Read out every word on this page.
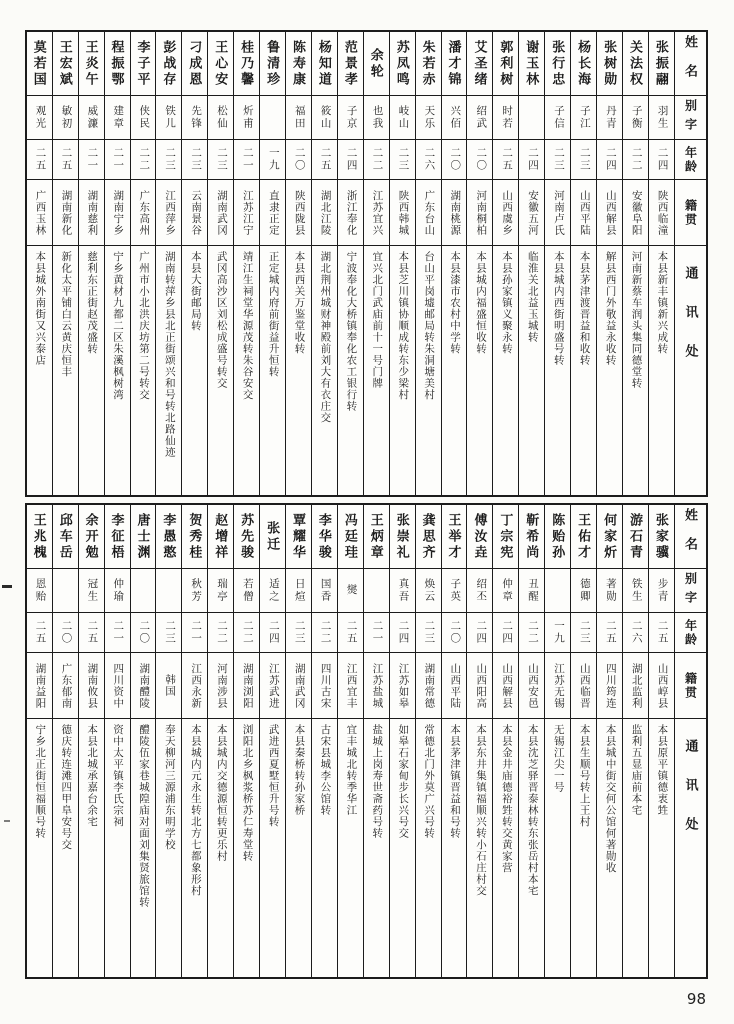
姓名
别字
年龄
籍贯
通讯处
张振翮
羽生
二四
陕西临潼
本县新丰镇新兴成转
关法权
子衡
二二
安徽阜阳
河南新蔡车润头集同德堂转
张树勋
丹青
二四
山西解县
解县西门外敬益永收转
杨长海
子江
二三
山西平陆
本县茅津渡晋益和收转
张行忠
子信
二三
河南卢氏
本县城内西街明盛号转
谢玉林
二四
安徽五河
临淮关北益玉城转
郭利树
时若
二五
山西虞乡
本县孙家镇义聚永转
艾圣绪
绍武
二〇
河南桐柏
本县城内福盛恒收转
潘才锦
兴佰
二〇
湖南桃源
本县漆市农村中学转
朱若赤
天乐
二六
广东台山
台山平岗墟邮局转朱洞塘美村
苏凤鸣
岐山
二三
陕西韩城
本县芝川镇协顺成转东少梁村
余轮
也我
二二
江苏宜兴
宜兴北门武庙前十一号门牌
范景孝
子京
二四
浙江奉化
宁波奉化大桥镇奉化农工银行转
杨知道
筱山
二五
湖北江陵
湖北荆州城财神殿前刘大有衣庄交
陈寿康
福田
二〇
陕西陇县
本县西关万鉴堂收转
鲁清珍
一九
直隶正定
正定城内府前街益升恒转
桂乃馨
炘甫
二一
江苏江宁
靖江生祠堂华源茂转朱谷安交
王心安
松仙
二三
湖南武冈
武冈高沙区刘松成盛号转交
刁成恩
先锋
二三
云南景谷
本县大街邮局转
彭战存
铁儿
二三
江西萍乡
湖南转萍乡县北正街颂兴和号转北路仙迹
李子平
侠民
二二
广东高州
广州市小北洪庆坊第二号转交
程振鄂
建章
二一
湖南宁乡
宁乡黄材九都二区朱溪枫树湾
王炎午
威濂
二一
湖南慈利
慈利东正街赵茂盛转
王宏斌
敏初
二五
湖南新化
新化太平铺白云黄庆恒丰
莫若国
观光
二五
广西玉林
本县城外南街又兴泰店
姓名
别字
年龄
籍贯
通讯处
张家骥
步青
二五
山西崞县
本县原平镇德衷甡
游石青
铁生
二六
湖北监利
监利五显庙前本宅
何家炘
著勋
二五
四川筠连
本县城中街交何公馆何著勋收
王佑才
德卿
二三
山西临晋
本县生顺号转上王村
陈贻孙
一九
江苏无锡
无锡江尖一号
靳希尚
丑醒
二二
山西安邑
本县沈芝驿晋泰林转东张岳村本宅
丁宗宪
仲章
二四
山西解县
本县金井庙德裕甡转交黄家营
傅汝垚
绍丕
二四
山西阳高
本县东井集镇福顺兴转小石庄村交
王举才
子英
二〇
山西平陆
本县茅津镇晋益和号转
龚思齐
焕云
二三
湖南常德
常德北门外莫广兴号转
张崇礼
真吾
二四
江苏如皋
如皋石家甸步长兴号交
王炳章
二一
江苏盐城
盐城上岗寿世斋药号转
冯廷珪
爕
二五
江西宜丰
宜丰城北转季华江
李华骏
国香
二二
四川古宋
古宋县城李公馆转
覃耀华
日煊
二三
湖南武冈
本县秦桥转孙家桥
张迁
适之
二四
江苏武进
武进西夏墅恒升号转
苏先骏
若僧
二二
湖南浏阳
浏阳北乡枫浆桥苏仁寿堂转
赵增祥
瑞亭
二二
河南涉县
本县城内交德源恒转更乐村
贺秀桂
秋芳
二一
江西永新
本县城内元永生转北方七都象形村
李愚憨
二三
韩国
奉天柳河三源浦东明学校
唐士渊
二〇
湖南醴陵
醴陵伍家巷城隍庙对面刘集贤旅馆转
李征梧
仲瑜
二一
四川资中
资中太平镇李氏宗祠
余开勉
冠生
二五
湖南攸县
本县北城承嘉台余宅
邱车岳
二〇
广东郁南
德庆转连滩四甲阜安号交
王兆槐
恩贻
二五
湖南益阳
宁乡北正街恒福顺号转
98
